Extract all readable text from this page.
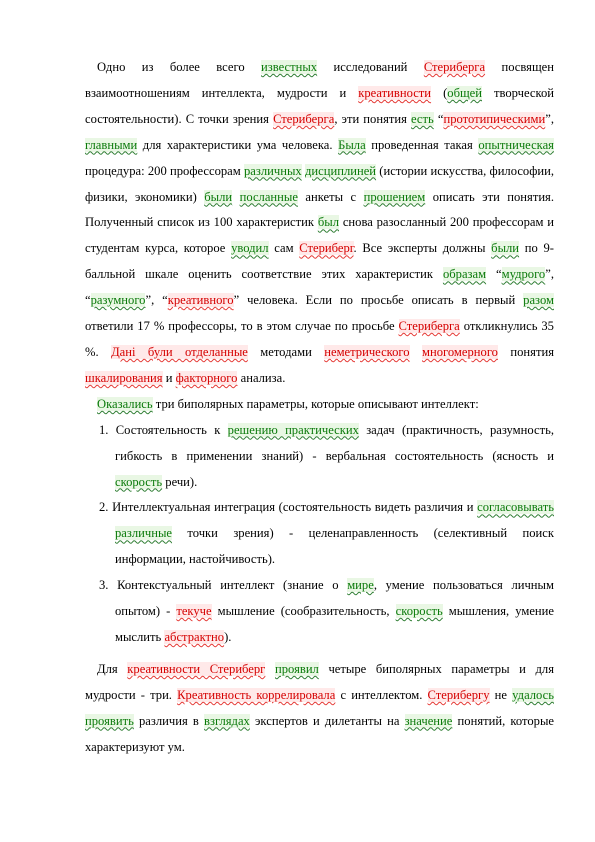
Одно из более всего известных исследований Стериберга посвящен взаимоотношениям интеллекта, мудрости и креативности (общей творческой состоятельности). С точки зрения Стериберга, эти понятия есть “прототипическими”, главными для характеристики ума человека. Была проведенная такая опытническая процедура: 200 профессорам различных дисциплиней (истории искусства, философии, физики, экономики) были посланные анкеты с прошением описать эти понятия. Полученный список из 100 характеристик был снова разосланный 200 профессорам и студентам курса, которое уводил сам Стериберг. Все эксперты должны были по 9-балльной шкале оценить соответствие этих характеристик образам “мудрого”, “разумного”, “креативного” человека. Если по просьбе описать в первый разом ответили 17 % профессоры, то в этом случае по просьбе Стериберга откликнулись 35 %. Дані були отделанные методами неметрического многомерного понятия шкалирования и факторного анализа.

Оказались три биполярных параметры, которые описывают интеллект:

1. Состоятельность к решению практических задач (практичность, разумность, гибкость в применении знаний) - вербальная состоятельность (ясность и скорость речи).
2. Интеллектуальная интеграция (состоятельность видеть различия и согласовывать различные точки зрения) - целенаправленность (селективный поиск информации, настойчивость).
3. Контекстуальный интеллект (знание о мире, умение пользоваться личным опытом) - текуче мышление (сообразительность, скорость мышления, умение мыслить абстрактно).

Для креативности Стериберг проявил четыре биполярных параметры и для мудрости - три. Креативность коррелировала с интеллектом. Стерибергу не удалось проявить различия в взглядах экспертов и дилетанты на значение понятий, которые характеризуют ум.
